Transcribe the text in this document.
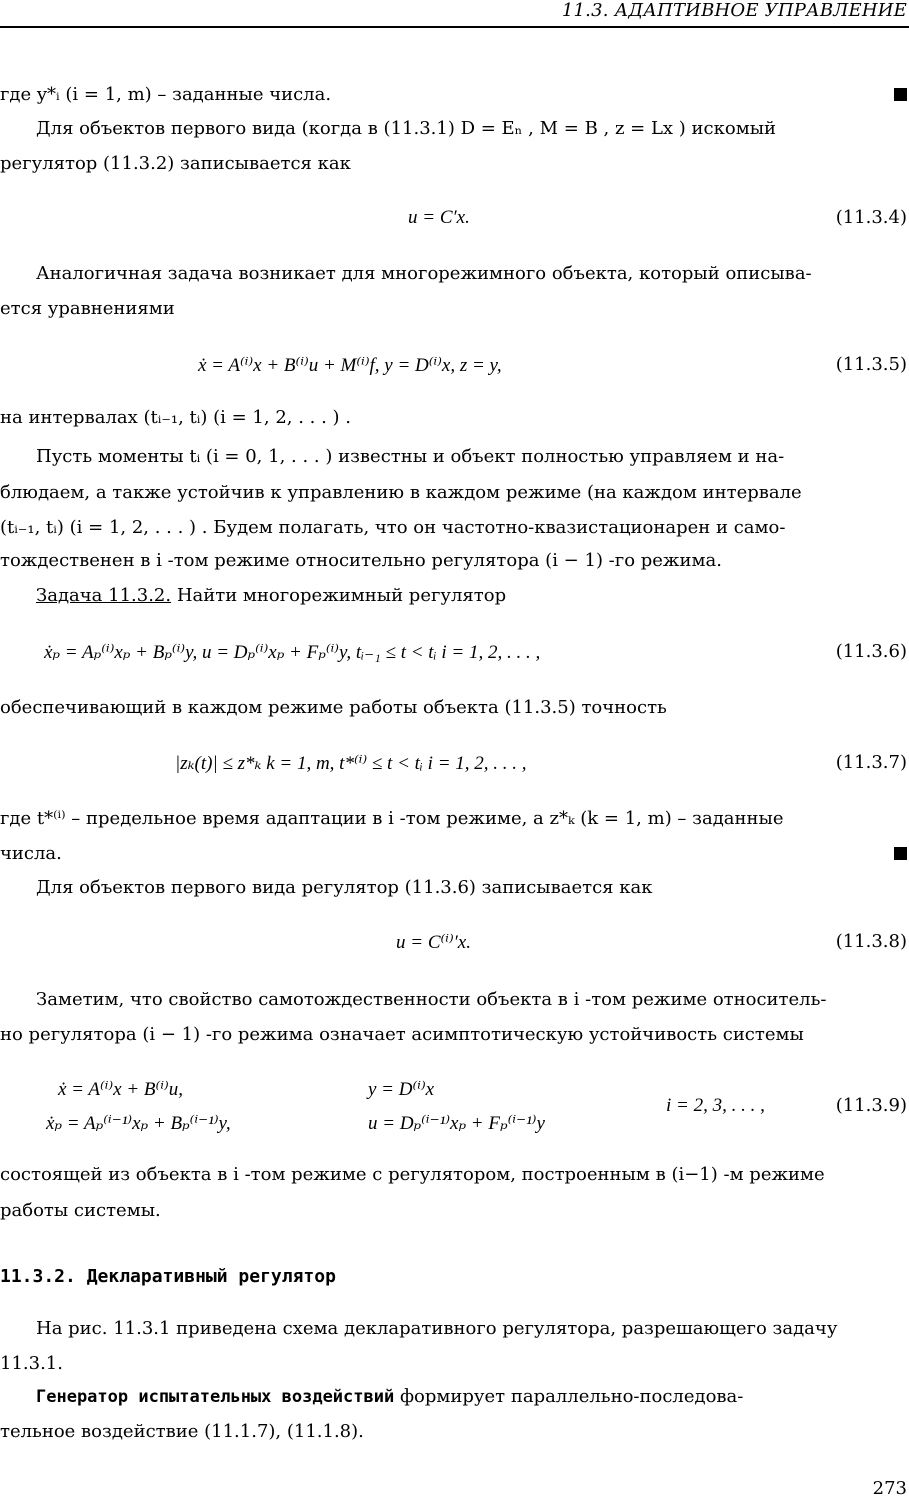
11.3. АДАПТИВНОЕ УПРАВЛЕНИЕ
где y*ᵢ (i = 1, m) – заданные числа.
Для объектов первого вида (когда в (11.3.1) D = Eₙ , M = B , z = Lx ) искомый
регулятор (11.3.2) записывается как
u = C′x.	(11.3.4)
Аналогичная задача возникает для многорежимного объекта, который описыва-
ется уравнениями
ẋ = A⁽ⁱ⁾x + B⁽ⁱ⁾u + M⁽ⁱ⁾f, y = D⁽ⁱ⁾x, z = y,	(11.3.5)
на интервалах (tᵢ₋₁, tᵢ) (i = 1, 2, . . . ) .
Пусть моменты tᵢ (i = 0, 1, . . . ) известны и объект полностью управляем и на-
блюдаем, а также устойчив к управлению в каждом режиме (на каждом интервале
(tᵢ₋₁, tᵢ) (i = 1, 2, . . . ) . Будем полагать, что он частотно-квазистационарен и само-
тождественен в i -том режиме относительно регулятора (i − 1) -го режима.
Задача 11.3.2. Найти многорежимный регулятор
ẋₚ = Aₚ⁽ⁱ⁾xₚ + Bₚ⁽ⁱ⁾y, u = Dₚ⁽ⁱ⁾xₚ + Fₚ⁽ⁱ⁾y, tᵢ₋₁ ≤ t < tᵢ i = 1, 2, . . . ,	(11.3.6)
обеспечивающий в каждом режиме работы объекта (11.3.5) точность
|zₖ(t)| ≤ z*ₖ k = 1, m, t*⁽ⁱ⁾ ≤ t < tᵢ i = 1, 2, . . . ,	(11.3.7)
где t*⁽ⁱ⁾ – предельное время адаптации в i -том режиме, а z*ₖ (k = 1, m) – заданные
числа.
Для объектов первого вида регулятор (11.3.6) записывается как
u = C⁽ⁱ⁾′x.	(11.3.8)
Заметим, что свойство самотождественности объекта в i -том режиме относитель-
но регулятора (i − 1) -го режима означает асимптотическую устойчивость системы
ẋ = A⁽ⁱ⁾x + B⁽ⁱ⁾u,	y = D⁽ⁱ⁾x
ẋₚ = Aₚ⁽ⁱ⁻¹⁾xₚ + Bₚ⁽ⁱ⁻¹⁾y,	u = Dₚ⁽ⁱ⁻¹⁾xₚ + Fₚ⁽ⁱ⁻¹⁾y
i = 2, 3, . . . ,	(11.3.9)
состоящей из объекта в i -том режиме с регулятором, построенным в (i−1) -м режиме
работы системы.
11.3.2. Декларативный регулятор
На рис. 11.3.1 приведена схема декларативного регулятора, разрешающего задачу
11.3.1.
Генератор испытательных воздействий формирует параллельно-последова-
тельное воздействие (11.1.7), (11.1.8).
273
